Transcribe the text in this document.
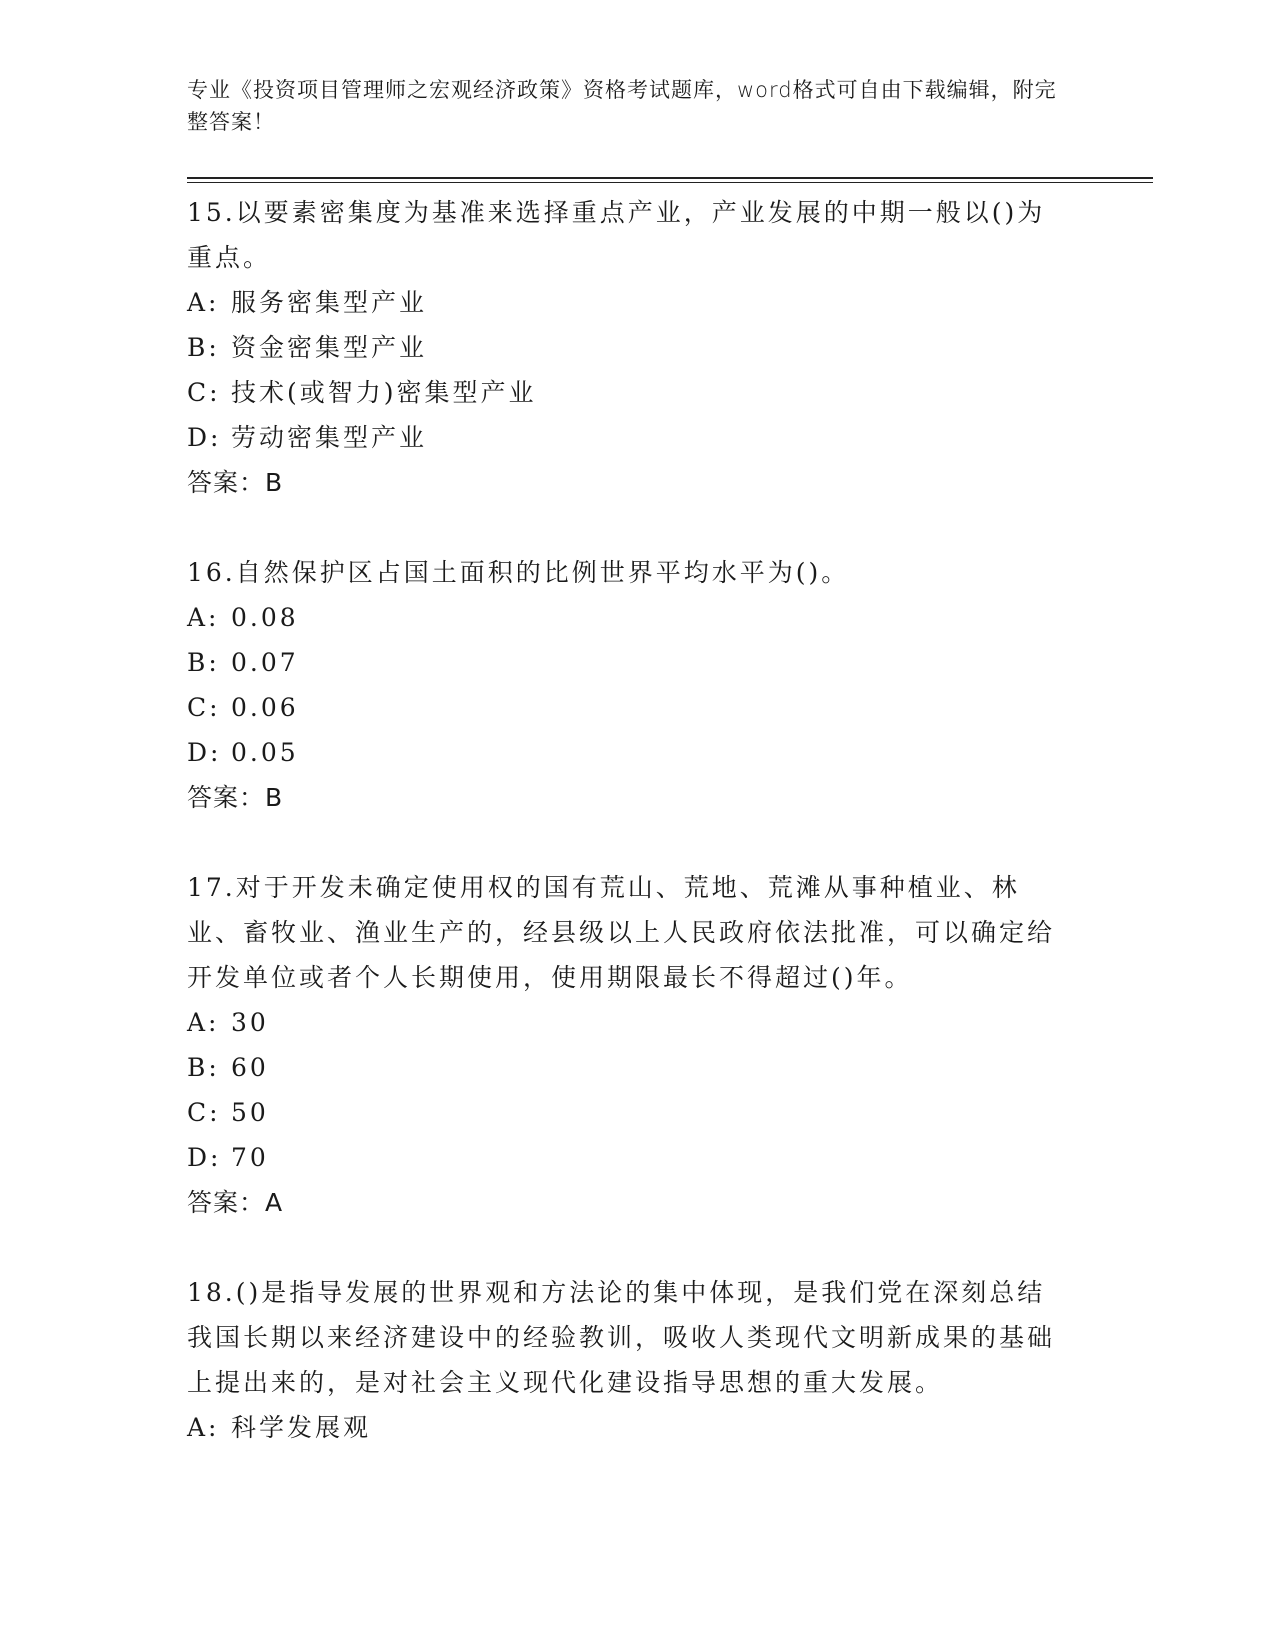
专业《投资项目管理师之宏观经济政策》资格考试题库，word格式可自由下载编辑，附完整答案！

15.以要素密集度为基准来选择重点产业，产业发展的中期一般以()为重点。

A: 服务密集型产业

B: 资金密集型产业

C: 技术(或智力)密集型产业

D: 劳动密集型产业

答案：B

16.自然保护区占国土面积的比例世界平均水平为()。

A: 0.08

B: 0.07

C: 0.06

D: 0.05

答案：B

17.对于开发未确定使用权的国有荒山、荒地、荒滩从事种植业、林业、畜牧业、渔业生产的，经县级以上人民政府依法批准，可以确定给开发单位或者个人长期使用，使用期限最长不得超过()年。

A: 30

B: 60

C: 50

D: 70

答案：A

18.()是指导发展的世界观和方法论的集中体现，是我们党在深刻总结我国长期以来经济建设中的经验教训，吸收人类现代文明新成果的基础上提出来的，是对社会主义现代化建设指导思想的重大发展。

A: 科学发展观
